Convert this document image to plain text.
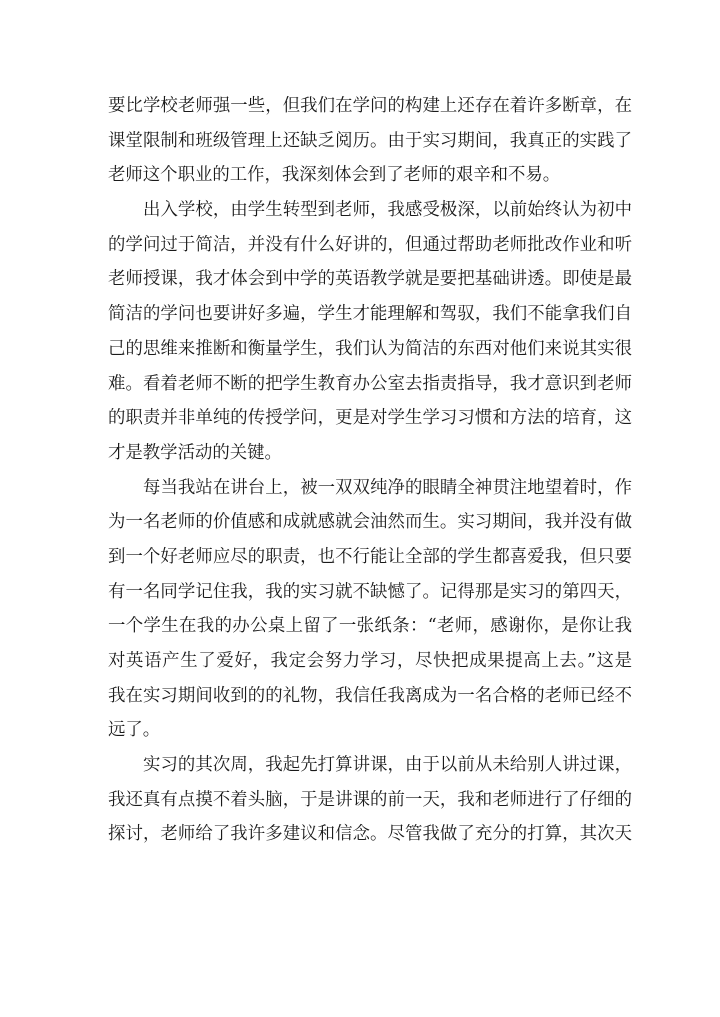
要比学校老师强一些，但我们在学问的构建上还存在着许多断章，在
课堂限制和班级管理上还缺乏阅历。由于实习期间，我真正的实践了
老师这个职业的工作，我深刻体会到了老师的艰辛和不易。
出入学校，由学生转型到老师，我感受极深，以前始终认为初中
的学问过于简洁，并没有什么好讲的，但通过帮助老师批改作业和听
老师授课，我才体会到中学的英语教学就是要把基础讲透。即使是最
简洁的学问也要讲好多遍，学生才能理解和驾驭，我们不能拿我们自
己的思维来推断和衡量学生，我们认为简洁的东西对他们来说其实很
难。看着老师不断的把学生教育办公室去指责指导，我才意识到老师
的职责并非单纯的传授学问，更是对学生学习习惯和方法的培育，这
才是教学活动的关键。
每当我站在讲台上，被一双双纯净的眼睛全神贯注地望着时，作
为一名老师的价值感和成就感就会油然而生。实习期间，我并没有做
到一个好老师应尽的职责，也不行能让全部的学生都喜爱我，但只要
有一名同学记住我，我的实习就不缺憾了。记得那是实习的第四天，
一个学生在我的办公桌上留了一张纸条：“老师，感谢你，是你让我
对英语产生了爱好，我定会努力学习，尽快把成果提高上去。”这是
我在实习期间收到的的礼物，我信任我离成为一名合格的老师已经不
远了。
实习的其次周，我起先打算讲课，由于以前从未给别人讲过课，
我还真有点摸不着头脑，于是讲课的前一天，我和老师进行了仔细的
探讨，老师给了我许多建议和信念。尽管我做了充分的打算，其次天
